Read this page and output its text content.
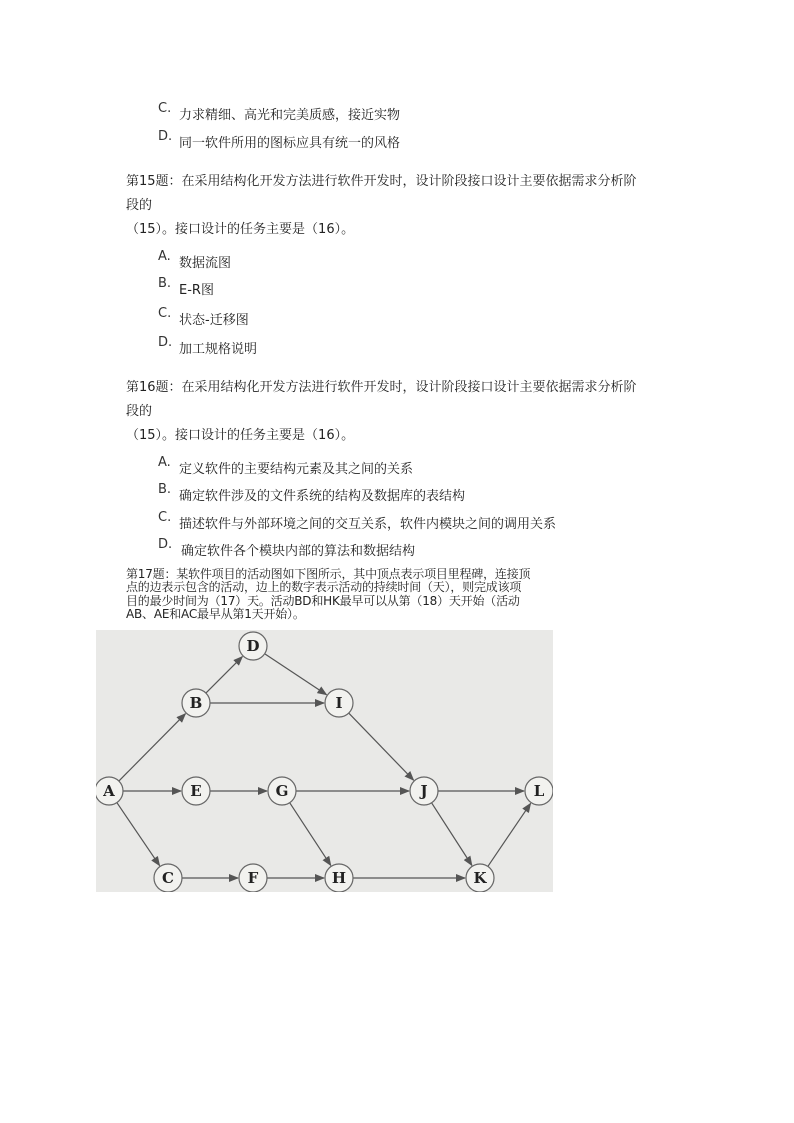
C. 力求精细、高光和完美质感，接近实物
D. 同一软件所用的图标应具有统一的风格
第15题：在采用结构化开发方法进行软件开发时，设计阶段接口设计主要依据需求分析阶
段的
（15）。接口设计的任务主要是（16）。
A. 数据流图
B. E-R图
C. 状态-迁移图
D. 加工规格说明
第16题：在采用结构化开发方法进行软件开发时，设计阶段接口设计主要依据需求分析阶
段的
（15）。接口设计的任务主要是（16）。
A. 定义软件的主要结构元素及其之间的关系
B. 确定软件涉及的文件系统的结构及数据库的表结构
C. 描述软件与外部环境之间的交互关系，软件内模块之间的调用关系
D. 确定软件各个模块内部的算法和数据结构
第17题：某软件项目的活动图如下图所示，其中顶点表示项目里程碑，连接顶
点的边表示包含的活动，边上的数字表示活动的持续时间（天），则完成该项
目的最少时间为（17）天。活动BD和HK最早可以从第（18）天开始（活动
AB、AE和AC最早从第1天开始）。
A
B
C
D
E
F
G
H
I
J
K
L
